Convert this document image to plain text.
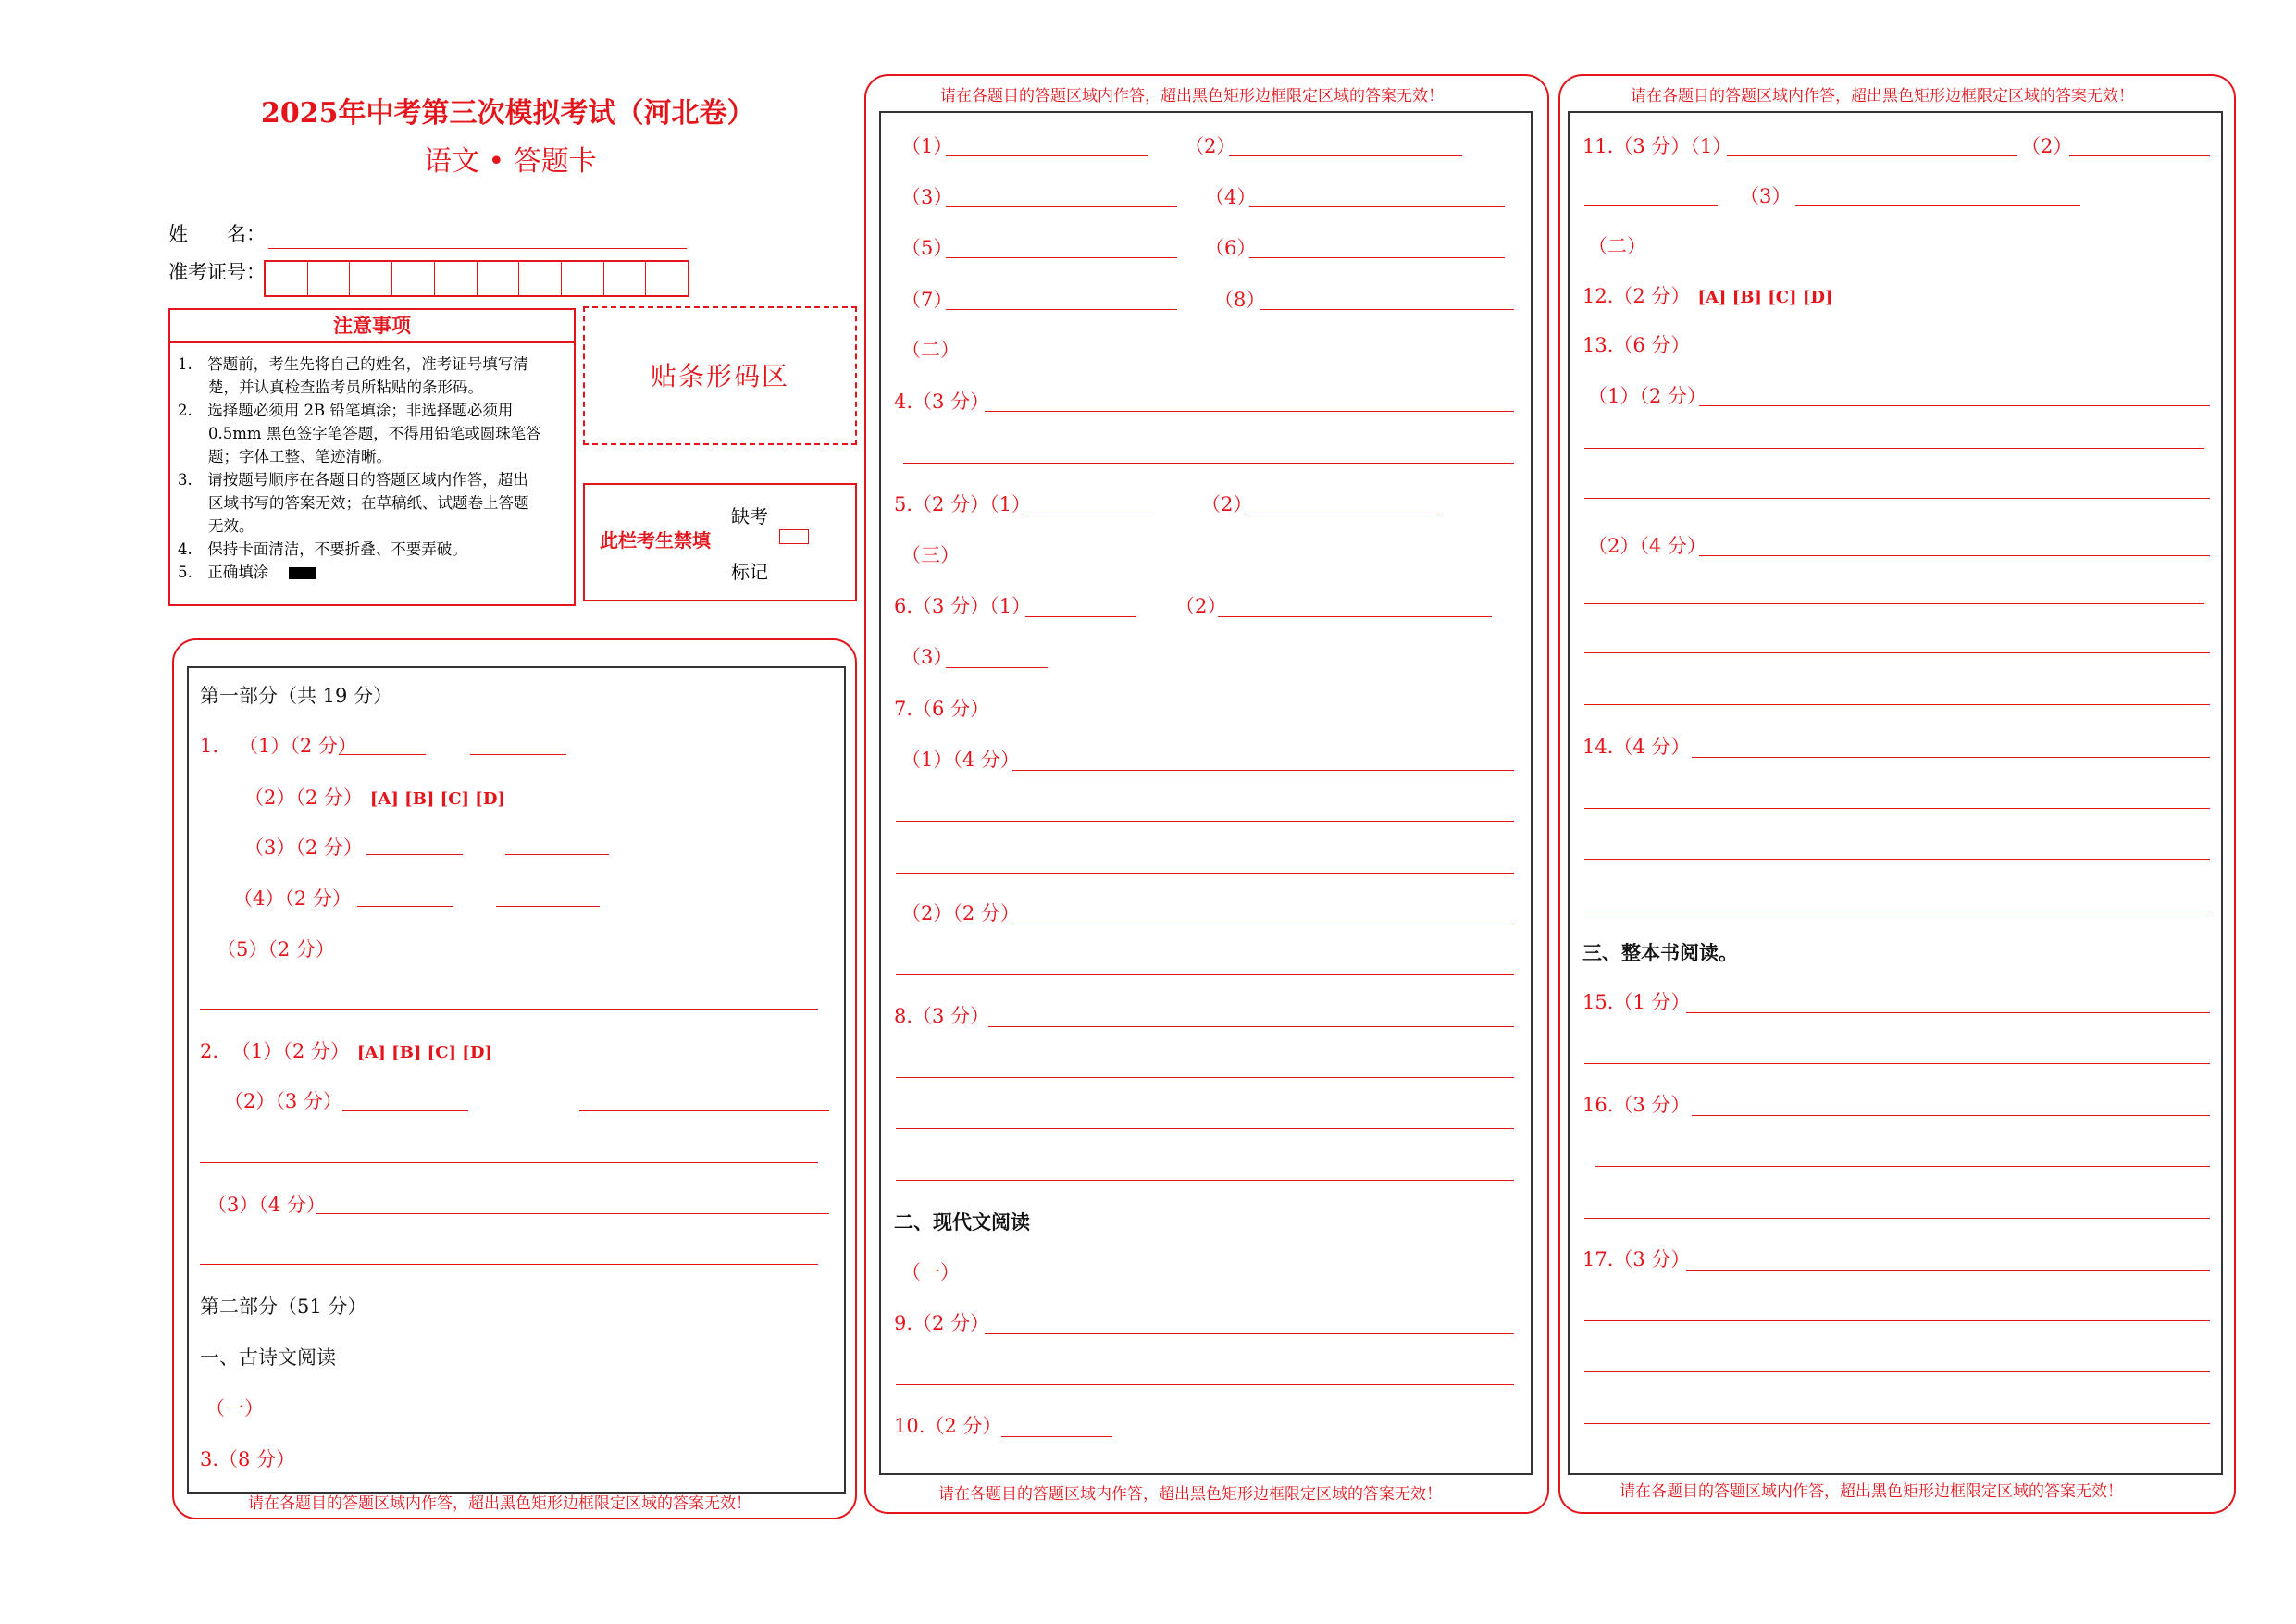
2025年中考第三次模拟考试（河北卷）
语文 • 答题卡
姓　　名：
准考证号：
注意事项
1.　答题前，考生先将自己的姓名，准考证号填写清
　　楚，并认真检查监考员所粘贴的条形码。
2.　选择题必须用 2B 铅笔填涂；非选择题必须用
　　0.5mm 黑色签字笔答题，不得用铅笔或圆珠笔答
　　题；字体工整、笔迹清晰。
3.　请按题号顺序在各题目的答题区域内作答，超出
　　区域书写的答案无效；在草稿纸、试题卷上答题
　　无效。
4.　保持卡面清洁，不要折叠、不要弄破。
5.　正确填涂
贴条形码区
此栏考生禁填
缺考
标记
请在各题目的答题区域内作答，超出黑色矩形边框限定区域的答案无效！
第一部分（共 19 分）
1. （1）（2 分）
（2）（2 分） [A] [B] [C] [D]
（3）（2 分）
（4）（2 分）
（5）（2 分）
2. （1）（2 分） [A] [B] [C] [D]
（2）（3 分）
（3）（4 分）
第二部分（51 分）
一、古诗文阅读
（一）
3.（8 分）
请在各题目的答题区域内作答，超出黑色矩形边框限定区域的答案无效！
请在各题目的答题区域内作答，超出黑色矩形边框限定区域的答案无效！
（1）	（2）
（3）	（4）
（5）	（6）
（7）	（8）
（二）
4.（3 分）
5.（2 分）（1）	（2）
（三）
6.（3 分）（1）	（2）
（3）
7.（6 分）
（1）（4 分）
（2）（2 分）
8.（3 分）
二、现代文阅读
（一）
9.（2 分）
10.（2 分）
请在各题目的答题区域内作答，超出黑色矩形边框限定区域的答案无效！
请在各题目的答题区域内作答，超出黑色矩形边框限定区域的答案无效！
11.（3 分）（1）	（2）
（3）
（二）
12.（2 分） [A] [B] [C] [D]
13.（6 分）
（1）（2 分）
（2）（4 分）
14.（4 分）
三、整本书阅读。
15.（1 分）
16.（3 分）
17.（3 分）
